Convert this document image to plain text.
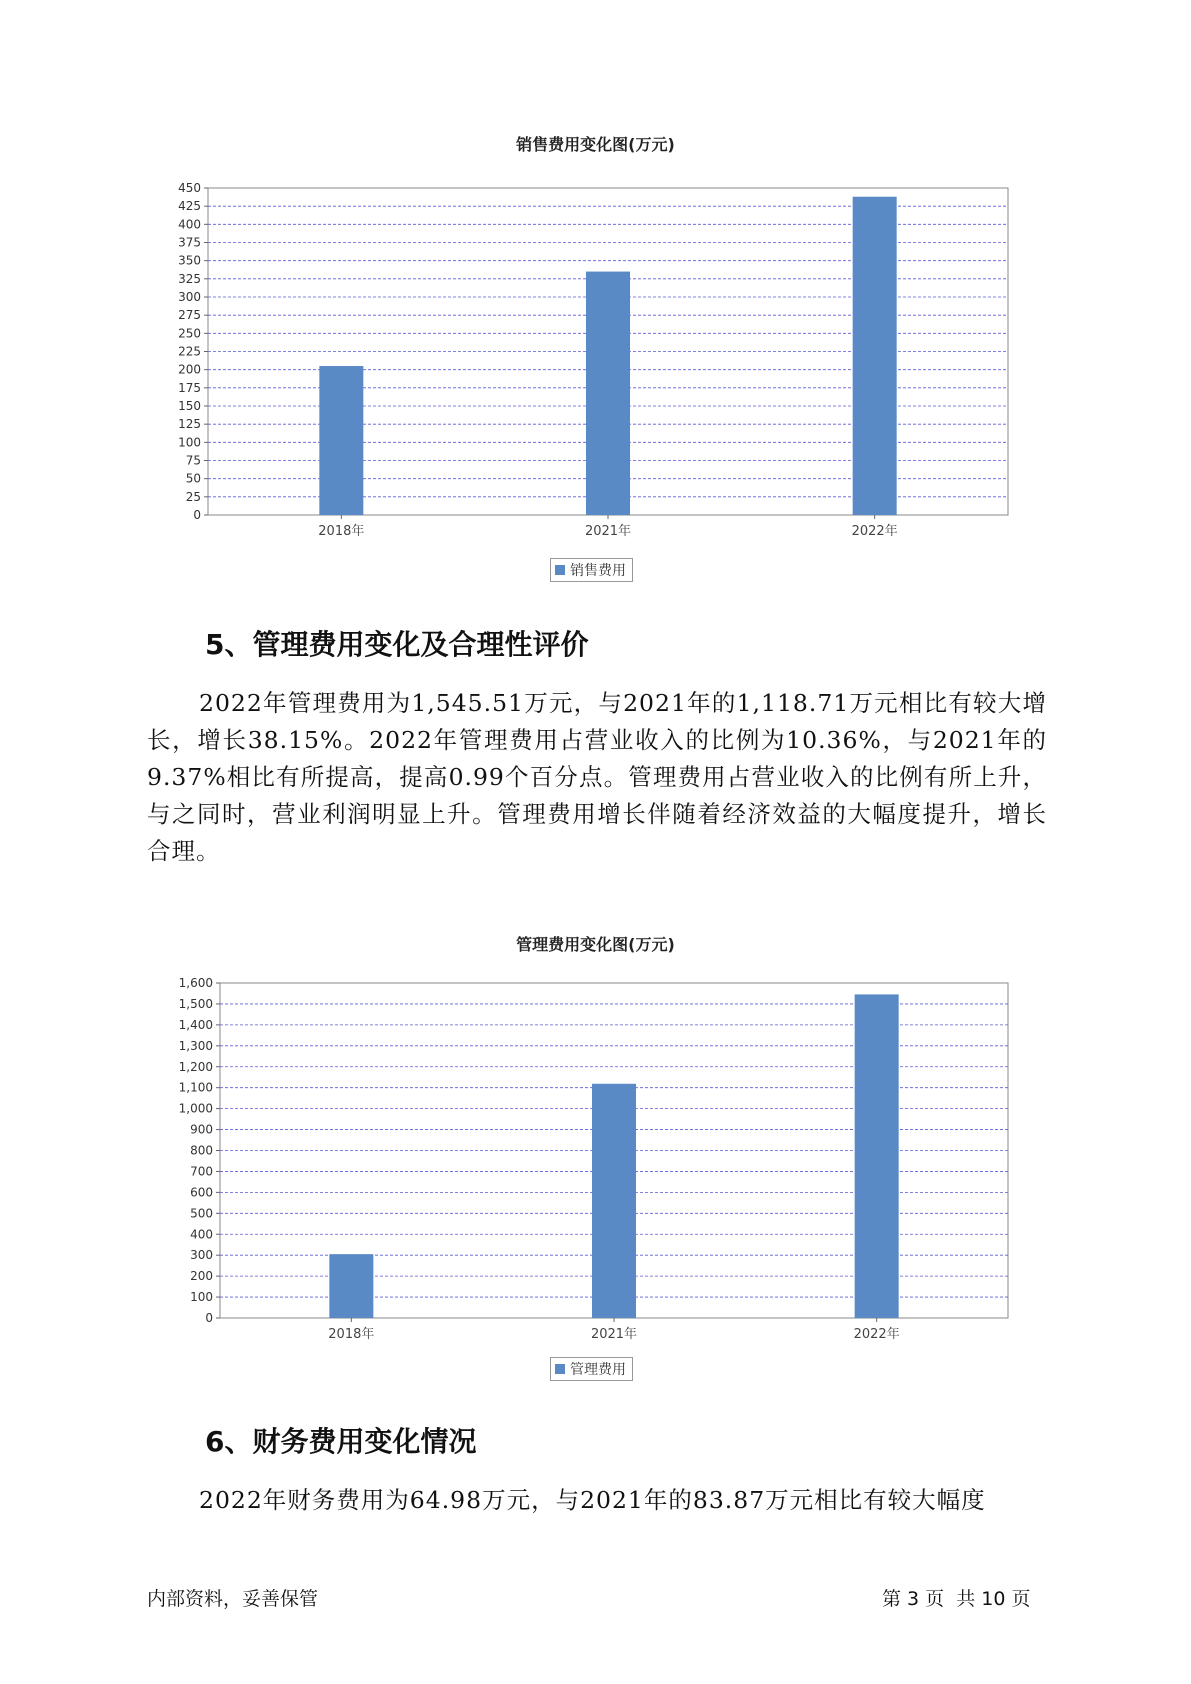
销售费用变化图(万元)
0
25
50
75
100
125
150
175
200
225
250
275
300
325
350
375
400
425
450
2018年	2021年	2022年
销售费用
5、管理费用变化及合理性评价

2022年管理费用为1,545.51万元，与2021年的1,118.71万元相比有较大增长，增长38.15%。2022年管理费用占营业收入的比例为10.36%，与2021年的9.37%相比有所提高，提高0.99个百分点。管理费用占营业收入的比例有所上升，与之同时，营业利润明显上升。管理费用增长伴随着经济效益的大幅度提升，增长合理。

管理费用变化图(万元)
0
100
200
300
400
500
600
700
800
900
1,000
1,100
1,200
1,300
1,400
1,500
1,600
2018年	2021年	2022年
管理费用
6、财务费用变化情况

2022年财务费用为64.98万元，与2021年的83.87万元相比有较大幅度

内部资料，妥善保管	第 3 页  共 10 页
